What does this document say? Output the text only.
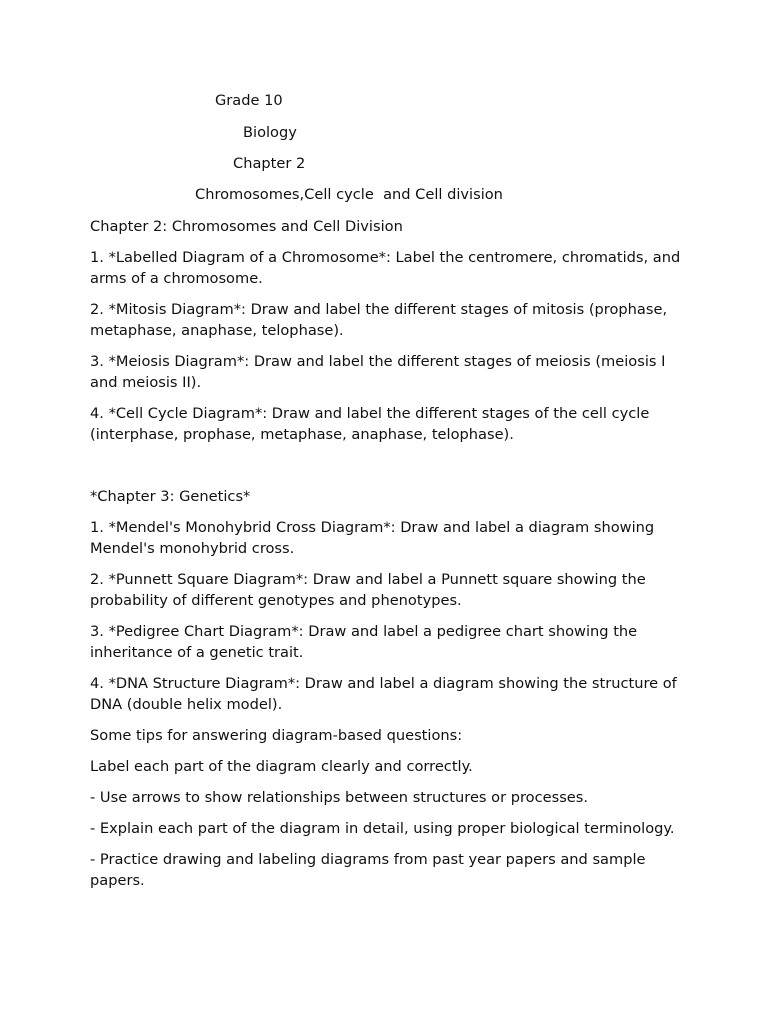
Grade 10
Biology
Chapter 2
Chromosomes,Cell cycle  and Cell division

Chapter 2: Chromosomes and Cell Division

1. *Labelled Diagram of a Chromosome*: Label the centromere, chromatids, and arms of a chromosome.

2. *Mitosis Diagram*: Draw and label the different stages of mitosis (prophase, metaphase, anaphase, telophase).

3. *Meiosis Diagram*: Draw and label the different stages of meiosis (meiosis I and meiosis II).

4. *Cell Cycle Diagram*: Draw and label the different stages of the cell cycle (interphase, prophase, metaphase, anaphase, telophase).

*Chapter 3: Genetics*

1. *Mendel's Monohybrid Cross Diagram*: Draw and label a diagram showing Mendel's monohybrid cross.

2. *Punnett Square Diagram*: Draw and label a Punnett square showing the probability of different genotypes and phenotypes.

3. *Pedigree Chart Diagram*: Draw and label a pedigree chart showing the inheritance of a genetic trait.

4. *DNA Structure Diagram*: Draw and label a diagram showing the structure of DNA (double helix model).

Some tips for answering diagram-based questions:

Label each part of the diagram clearly and correctly.

- Use arrows to show relationships between structures or processes.

- Explain each part of the diagram in detail, using proper biological terminology.

- Practice drawing and labeling diagrams from past year papers and sample papers.
